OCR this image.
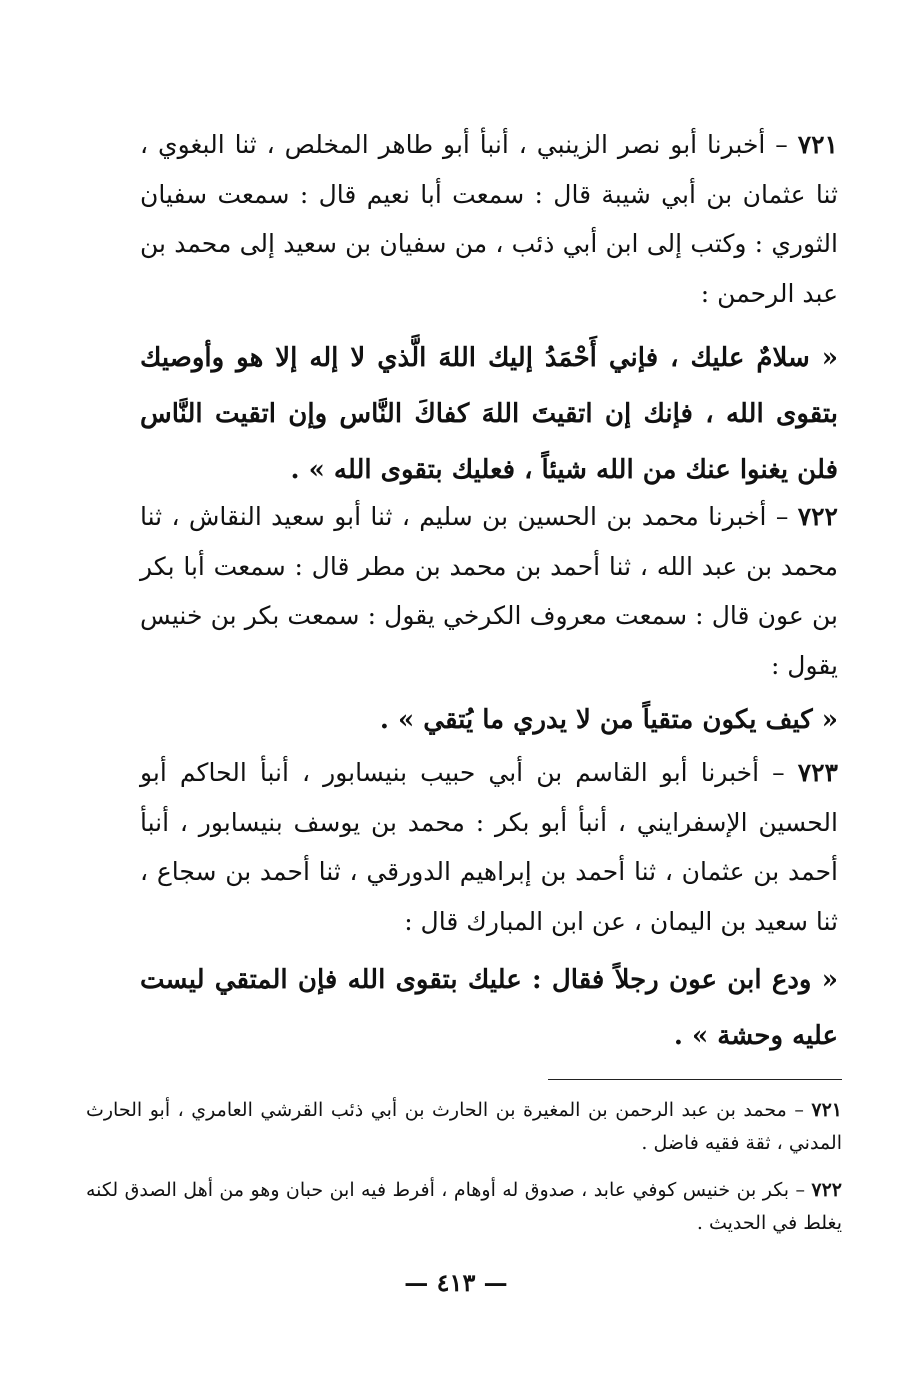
٧٢١ – أخبرنا أبو نصر الزينبي ، أنبأ أبو طاهر المخلص ، ثنا البغوي ، ثنا عثمان بن أبي شيبة قال : سمعت أبا نعيم قال : سمعت سفيان الثوري : وكتب إلى ابن أبي ذئب ، من سفيان بن سعيد إلى محمد بن عبد الرحمن :

« سلامٌ عليك ، فإني أَحْمَدُ إليك اللهَ الَّذي لا إله إلا هو وأوصيك بتقوى الله ، فإنك إن اتقيتَ اللهَ كفاكَ النَّاس وإن اتقيت النَّاس فلن يغنوا عنك من الله شيئاً ، فعليك بتقوى الله » .

٧٢٢ – أخبرنا محمد بن الحسين بن سليم ، ثنا أبو سعيد النقاش ، ثنا محمد بن عبد الله ، ثنا أحمد بن محمد بن مطر قال : سمعت أبا بكر بن عون قال : سمعت معروف الكرخي يقول : سمعت بكر بن خنيس يقول :

« كيف يكون متقياً من لا يدري ما يُتقي » .

٧٢٣ – أخبرنا أبو القاسم بن أبي حبيب بنيسابور ، أنبأ الحاكم أبو الحسين الإسفرايني ، أنبأ أبو بكر : محمد بن يوسف بنيسابور ، أنبأ أحمد بن عثمان ، ثنا أحمد بن إبراهيم الدورقي ، ثنا أحمد بن سجاع ، ثنا سعيد بن اليمان ، عن ابن المبارك قال :

« ودع ابن عون رجلاً فقال : عليك بتقوى الله فإن المتقي ليست عليه وحشة » .

٧٢١ – محمد بن عبد الرحمن بن المغيرة بن الحارث بن أبي ذئب القرشي العامري ، أبو الحارث المدني ، ثقة فقيه فاضل .

٧٢٢ – بكر بن خنيس كوفي عابد ، صدوق له أوهام ، أفرط فيه ابن حبان وهو من أهل الصدق لكنه يغلط في الحديث .

— ٤١٣ —
